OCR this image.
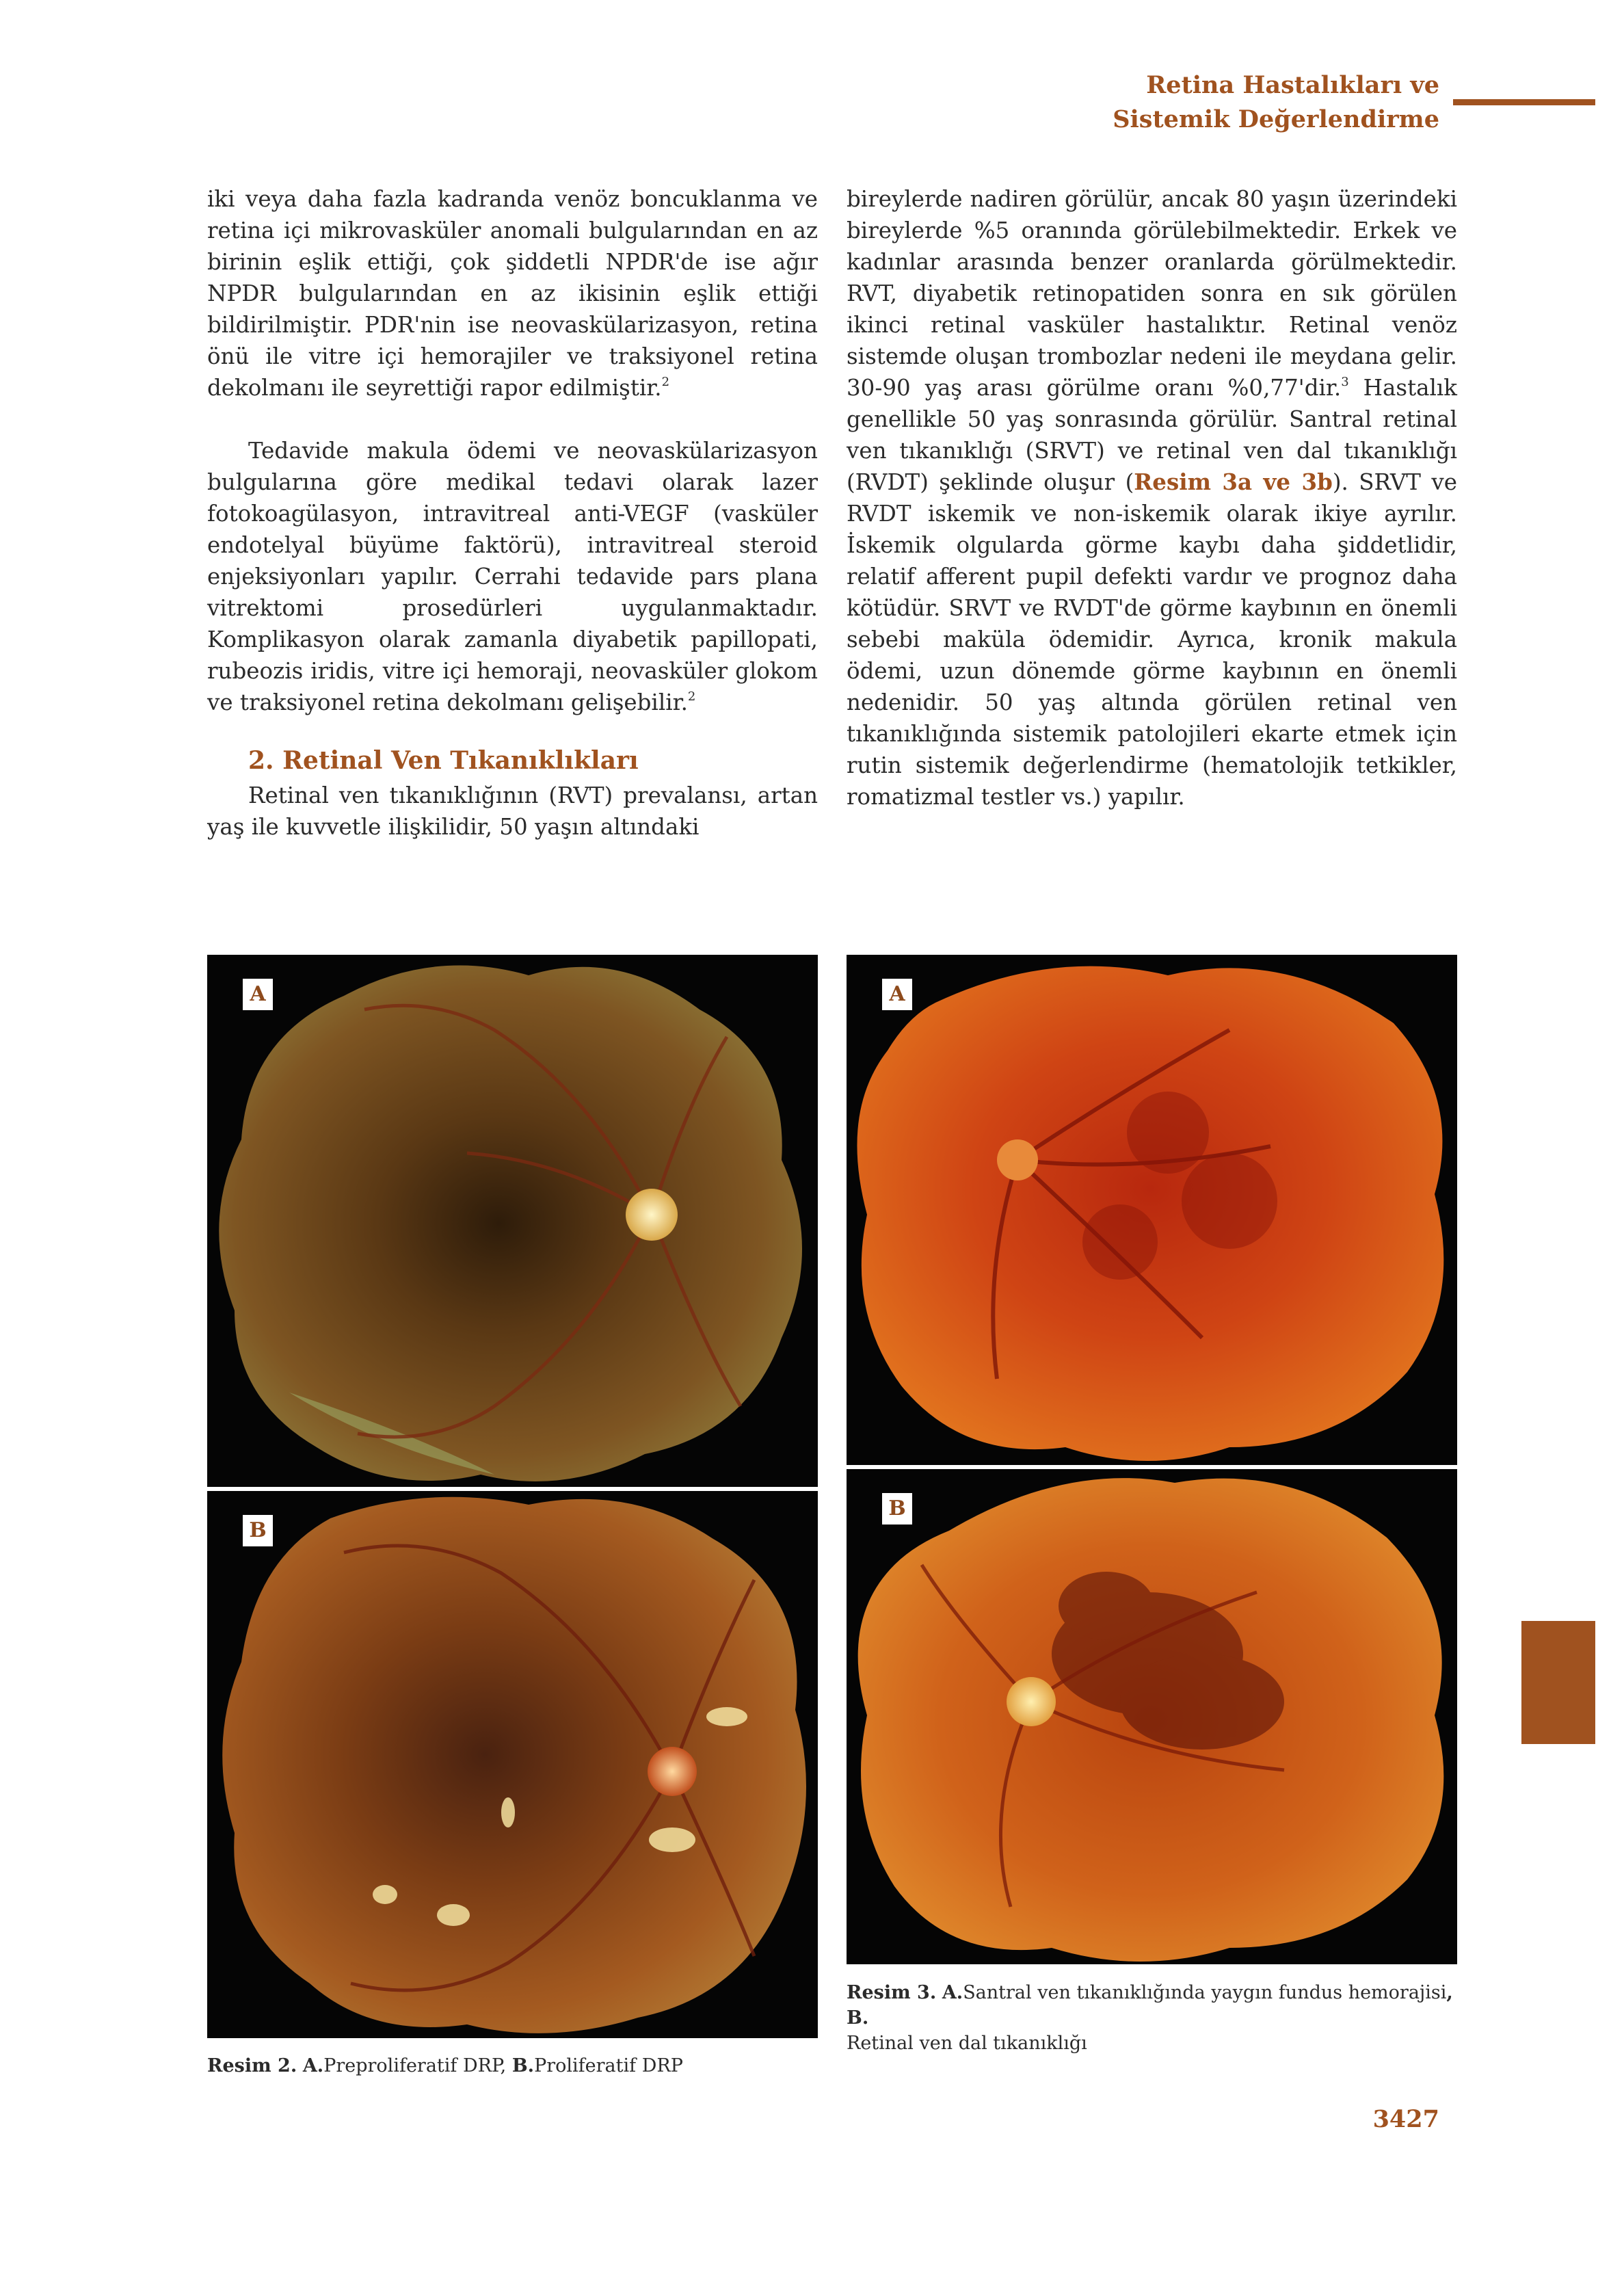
Retina Hastalıkları ve
Sistemik Değerlendirme

iki veya daha fazla kadranda venöz boncuklanma ve retina içi mikrovasküler anomali bulgularından en az birinin eşlik ettiği, çok şiddetli NPDR'de ise ağır NPDR bulgularından en az ikisinin eşlik ettiği bildirilmiştir. PDR'nin ise neovaskülarizasyon, retina önü ile vitre içi hemorajiler ve traksiyonel retina dekolmanı ile seyrettiği rapor edilmiştir.$^2$

Tedavide makula ödemi ve neovaskülarizasyon bulgularına göre medikal tedavi olarak lazer fotokoagülasyon, intravitreal anti-VEGF (vasküler endotelyal büyüme faktörü), intravitreal steroid enjeksiyonları yapılır. Cerrahi tedavide pars plana vitrektomi prosedürleri uygulanmaktadır. Komplikasyon olarak zamanla diyabetik papillopati, rubeozis iridis, vitre içi hemoraji, neovasküler glokom ve traksiyonel retina dekolmanı gelişebilir.$^2$

2. Retinal Ven Tıkanıklıkları

Retinal ven tıkanıklığının (RVT) prevalansı, artan yaş ile kuvvetle ilişkilidir, 50 yaşın altındaki

bireylerde nadiren görülür, ancak 80 yaşın üzerindeki bireylerde %5 oranında görülebilmektedir. Erkek ve kadınlar arasında benzer oranlarda görülmektedir. RVT, diyabetik retinopatiden sonra en sık görülen ikinci retinal vasküler hastalıktır. Retinal venöz sistemde oluşan trombozlar nedeni ile meydana gelir. 30-90 yaş arası görülme oranı %0,77'dir.$^3$ Hastalık genellikle 50 yaş sonrasında görülür. Santral retinal ven tıkanıklığı (SRVT) ve retinal ven dal tıkanıklığı (RVDT) şeklinde oluşur (Resim 3a ve 3b). SRVT ve RVDT iskemik ve non-iskemik olarak ikiye ayrılır. İskemik olgularda görme kaybı daha şiddetlidir, relatif afferent pupil defekti vardır ve prognoz daha kötüdür. SRVT ve RVDT'de görme kaybının en önemli sebebi maküla ödemidir. Ayrıca, kronik makula ödemi, uzun dönemde görme kaybının en önemli nedenidir. 50 yaş altında görülen retinal ven tıkanıklığında sistemik patolojileri ekarte etmek için rutin sistemik değerlendirme (hematolojik tetkikler, romatizmal testler vs.) yapılır.

A
B
A
B
Resim 2. A.Preproliferatif DRP, B.Proliferatif DRP
Resim 3. A.Santral ven tıkanıklığında yaygın fundus hemorajisi, B.
Retinal ven dal tıkanıklığı
3427
